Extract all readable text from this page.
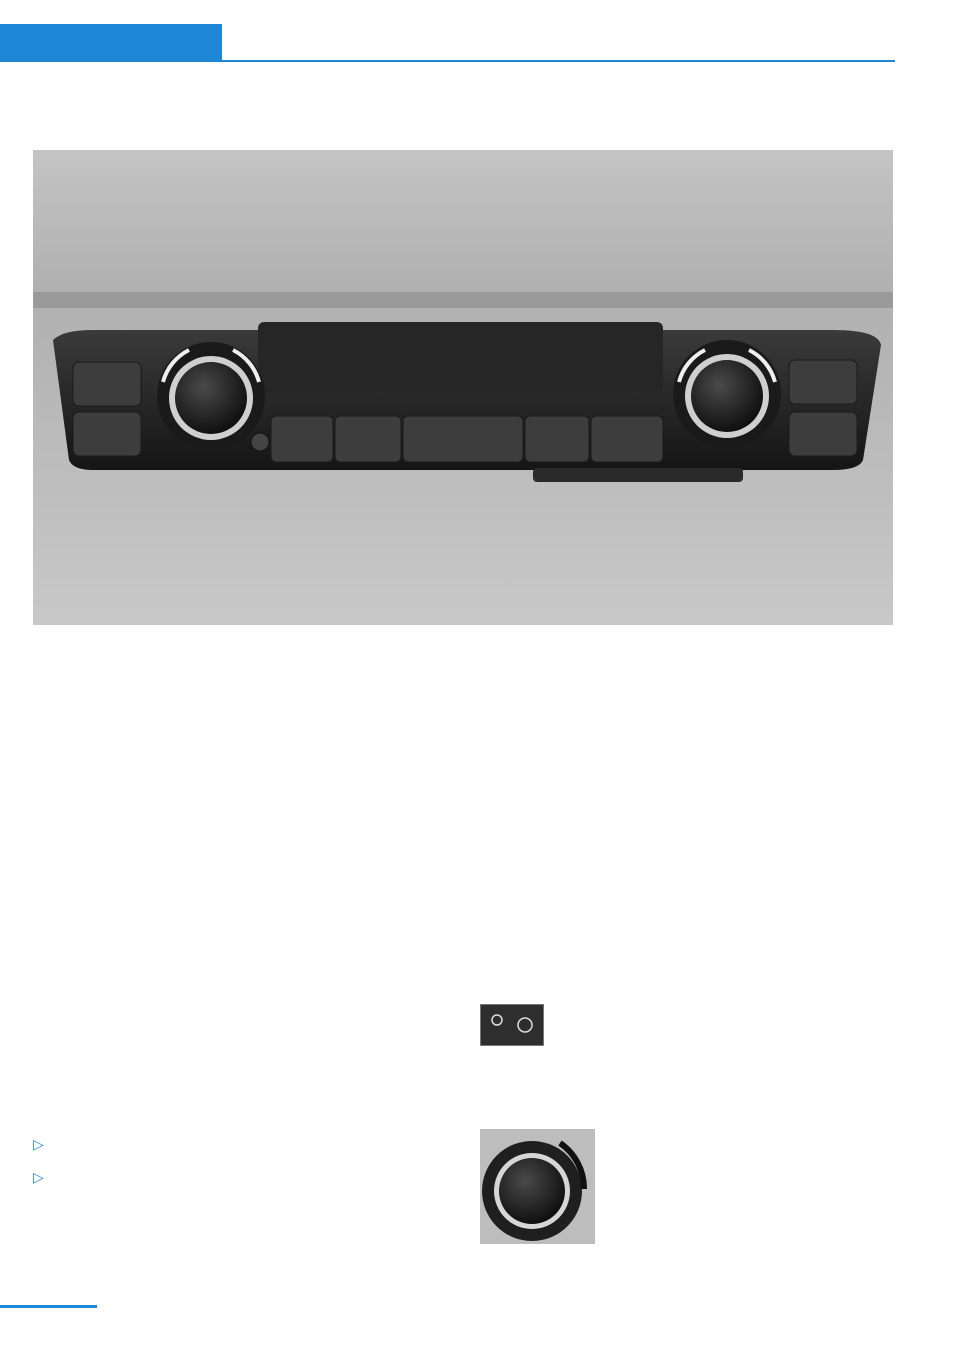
▷
▷
